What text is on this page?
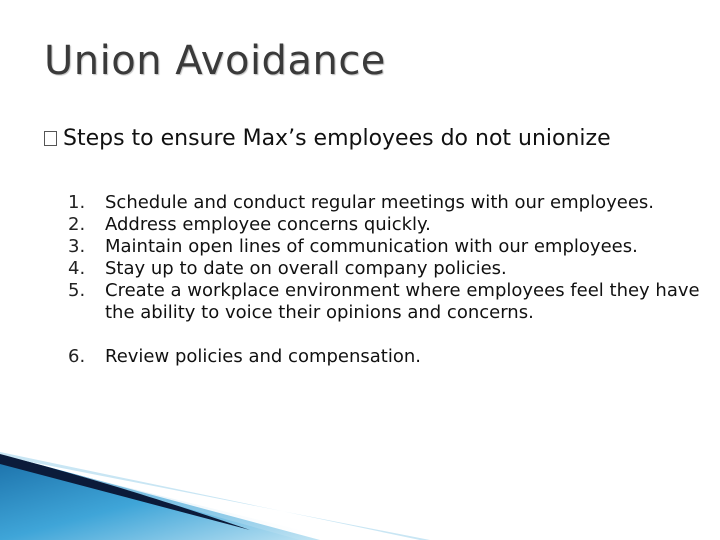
Union Avoidance
Steps to ensure Max’s employees do not unionize
1.	Schedule and conduct regular meetings with our employees.
2.	Address employee concerns quickly.
3.	Maintain open lines of communication with our employees.
4.	Stay up to date on overall company policies.
5.	Create a workplace environment where employees feel they have the ability to voice their opinions and concerns.
6.	Review policies and compensation.
